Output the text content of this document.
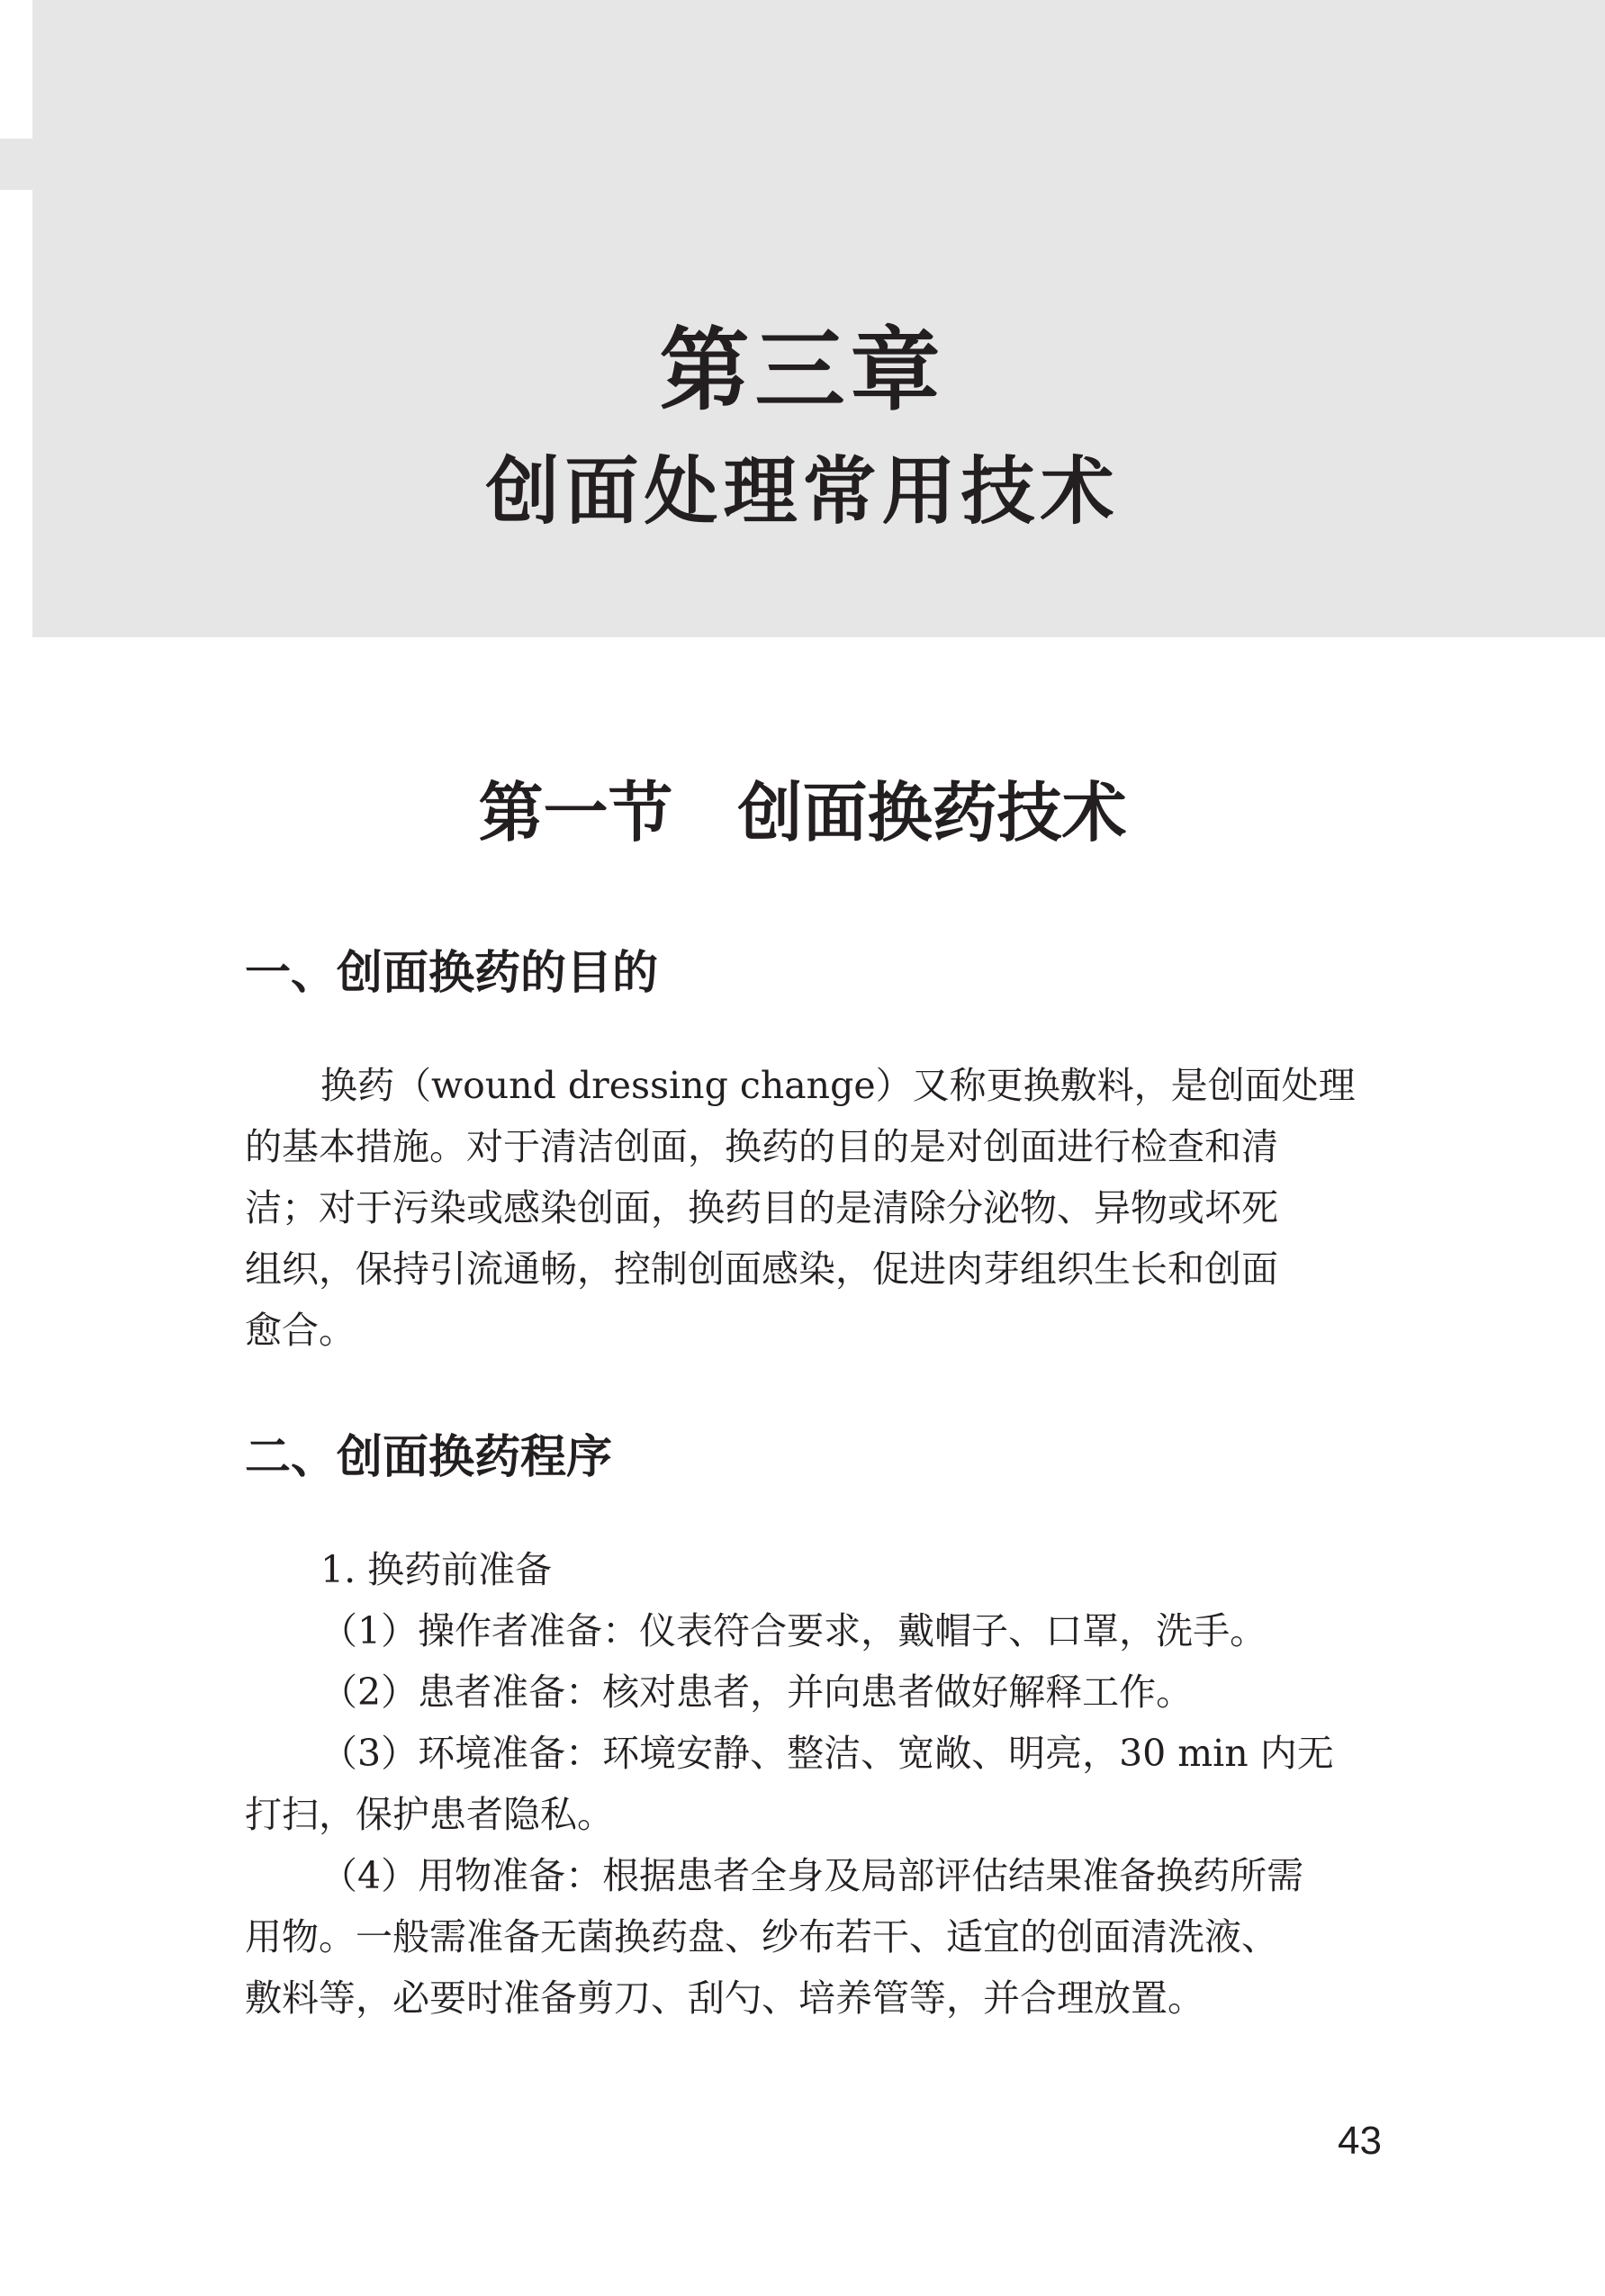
第三章
创面处理常用技术
第一节　创面换药技术
一、创面换药的目的
换药（wound dressing change）又称更换敷料，是创面处理
的基本措施。对于清洁创面，换药的目的是对创面进行检查和清
洁；对于污染或感染创面，换药目的是清除分泌物、异物或坏死
组织，保持引流通畅，控制创面感染，促进肉芽组织生长和创面
愈合。
二、创面换药程序
1. 换药前准备
（1）操作者准备：仪表符合要求，戴帽子、口罩，洗手。
（2）患者准备：核对患者，并向患者做好解释工作。
（3）环境准备：环境安静、整洁、宽敞、明亮，30 min 内无
打扫，保护患者隐私。
（4）用物准备：根据患者全身及局部评估结果准备换药所需
用物。一般需准备无菌换药盘、纱布若干、适宜的创面清洗液、
敷料等，必要时准备剪刀、刮勺、培养管等，并合理放置。
43
